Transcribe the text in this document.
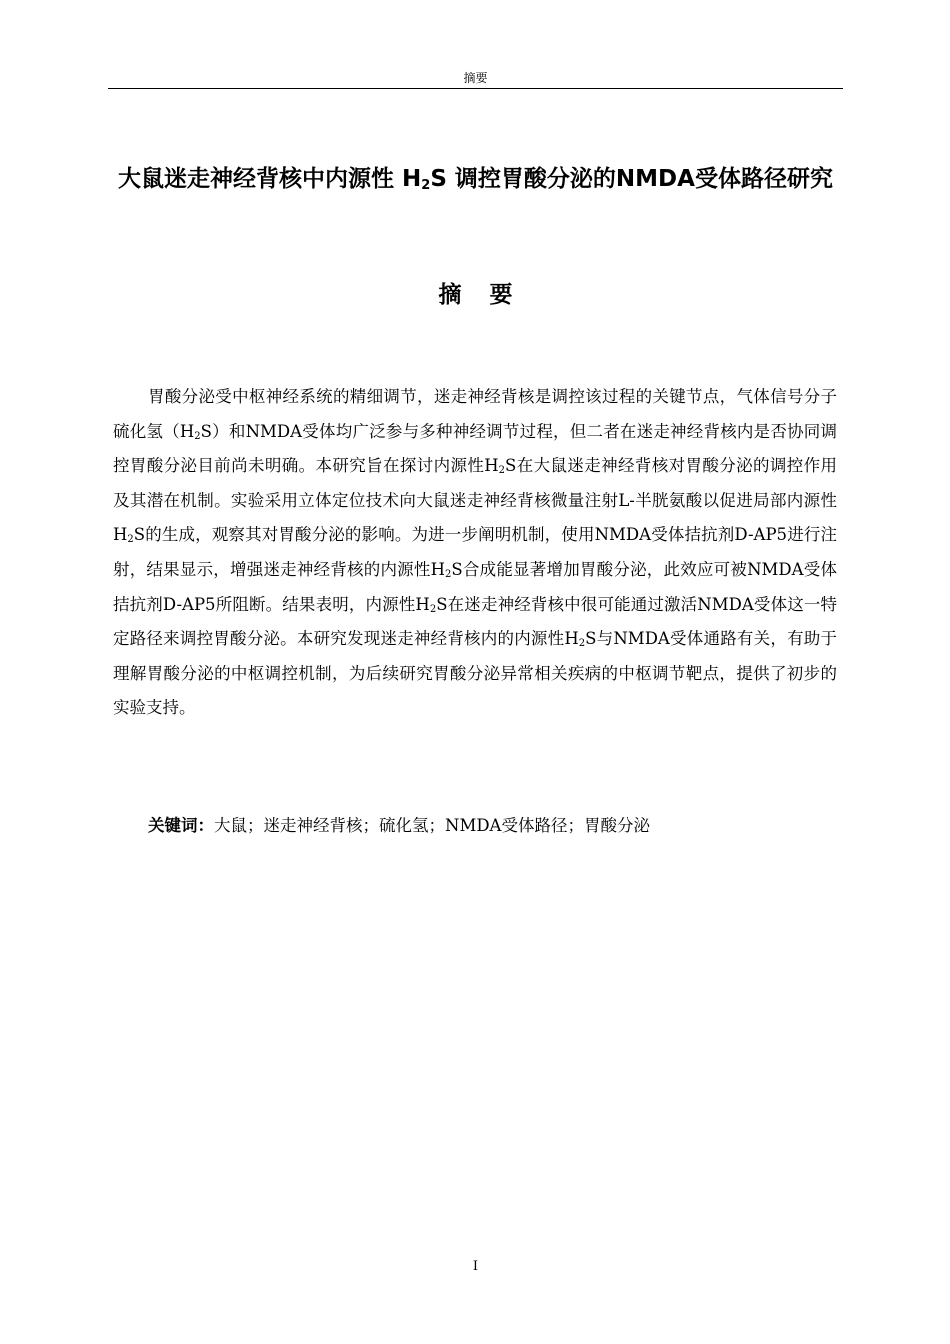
摘要
大鼠迷走神经背核中内源性 $H_2S$ 调控胃酸分泌的NMDA受体路径研究
摘要

胃酸分泌受中枢神经系统的精细调节，迷走神经背核是调控该过程的关键节点，气体信号分子硫化氢$(H_2S)$和NMDA受体均广泛参与多种神经调节过程，但二者在迷走神经背核内是否协同调控胃酸分泌目前尚未明确。本研究旨在探讨内源性$H_2S$在大鼠迷走神经背核对胃酸分泌的调控作用及其潜在机制。实验采用立体定位技术向大鼠迷走神经背核微量注射L-半胱氨酸以促进局部内源性$H_2S$的生成，观察其对胃酸分泌的影响。为进一步阐明机制，使用NMDA受体拮抗剂D-AP5进行注射，结果显示，增强迷走神经背核的内源性$H_2S$合成能显著增加胃酸分泌，此效应可被NMDA受体拮抗剂D-AP5所阻断。结果表明，内源性$H_2S$在迷走神经背核中很可能通过激活NMDA受体这一特定路径来调控胃酸分泌。本研究发现迷走神经背核内的内源性$H_2S$与NMDA受体通路有关，有助于理解胃酸分泌的中枢调控机制，为后续研究胃酸分泌异常相关疾病的中枢调节靶点，提供了初步的实验支持。

关键词：大鼠；迷走神经背核；硫化氢；NMDA受体路径；胃酸分泌

I
